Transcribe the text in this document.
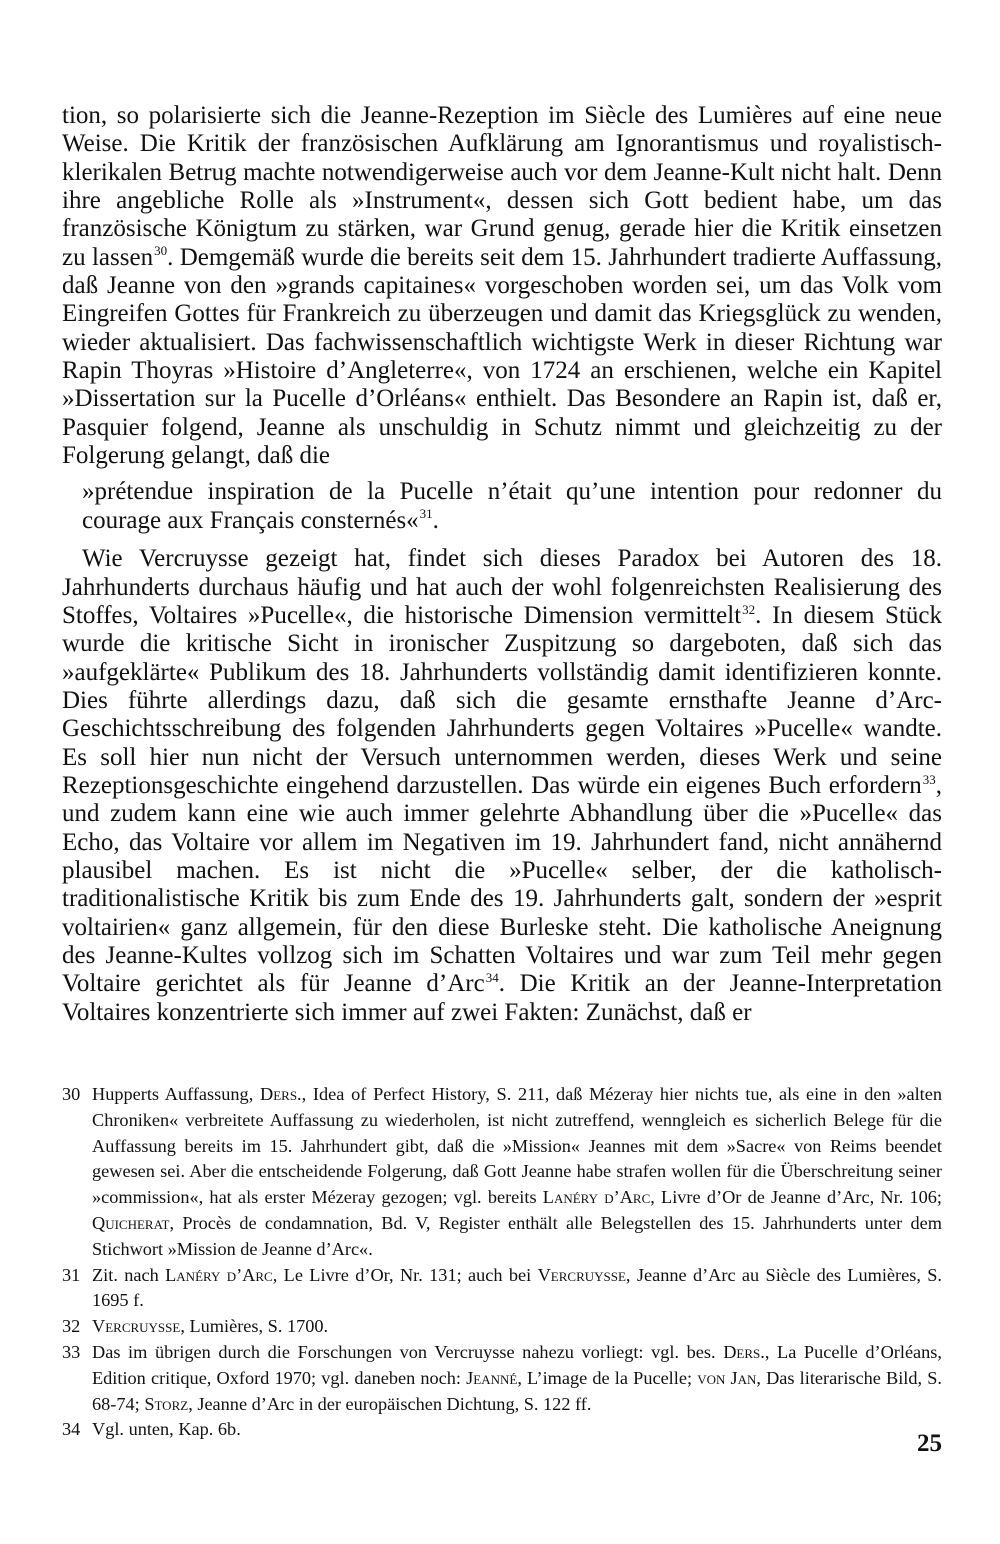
tion, so polarisierte sich die Jeanne-Rezeption im Siècle des Lumières auf eine neue Weise. Die Kritik der französischen Aufklärung am Ignorantismus und royalistisch-klerikalen Betrug machte notwendigerweise auch vor dem Jeanne-Kult nicht halt. Denn ihre angebliche Rolle als »Instrument«, dessen sich Gott bedient habe, um das französische Königtum zu stärken, war Grund genug, gerade hier die Kritik einsetzen zu lassen$^{30}$. Demgemäß wurde die bereits seit dem 15. Jahrhundert tradierte Auffassung, daß Jeanne von den »grands capitaines« vorgeschoben worden sei, um das Volk vom Eingreifen Gottes für Frankreich zu überzeugen und damit das Kriegsglück zu wenden, wieder aktualisiert. Das fachwissenschaftlich wichtigste Werk in dieser Richtung war Rapin Thoyras »Histoire d’Angleterre«, von 1724 an erschienen, welche ein Kapitel »Dissertation sur la Pucelle d’Orléans« enthielt. Das Besondere an Rapin ist, daß er, Pasquier folgend, Jeanne als unschuldig in Schutz nimmt und gleichzeitig zu der Folgerung gelangt, daß die

»prétendue inspiration de la Pucelle n’était qu’une intention pour redonner du courage aux Français consternés«$^{31}$.

Wie Vercruysse gezeigt hat, findet sich dieses Paradox bei Autoren des 18. Jahrhunderts durchaus häufig und hat auch der wohl folgenreichsten Realisierung des Stoffes, Voltaires »Pucelle«, die historische Dimension vermittelt$^{32}$. In diesem Stück wurde die kritische Sicht in ironischer Zuspitzung so dargeboten, daß sich das »aufgeklärte« Publikum des 18. Jahrhunderts vollständig damit identifizieren konnte. Dies führte allerdings dazu, daß sich die gesamte ernsthafte Jeanne d’Arc-Geschichtsschreibung des folgenden Jahrhunderts gegen Voltaires »Pucelle« wandte. Es soll hier nun nicht der Versuch unternommen werden, dieses Werk und seine Rezeptionsgeschichte eingehend darzustellen. Das würde ein eigenes Buch erfordern$^{33}$, und zudem kann eine wie auch immer gelehrte Abhandlung über die »Pucelle« das Echo, das Voltaire vor allem im Negativen im 19. Jahrhundert fand, nicht annähernd plausibel machen. Es ist nicht die »Pucelle« selber, der die katholisch-traditionalistische Kritik bis zum Ende des 19. Jahrhunderts galt, sondern der »esprit voltairien« ganz allgemein, für den diese Burleske steht. Die katholische Aneignung des Jeanne-Kultes vollzog sich im Schatten Voltaires und war zum Teil mehr gegen Voltaire gerichtet als für Jeanne d’Arc$^{34}$. Die Kritik an der Jeanne-Interpretation Voltaires konzentrierte sich immer auf zwei Fakten: Zunächst, daß er

30 Hupperts Auffassung, Ders., Idea of Perfect History, S. 211, daß Mézeray hier nichts tue, als eine in den »alten Chroniken« verbreitete Auffassung zu wiederholen, ist nicht zutreffend, wenngleich es sicherlich Belege für die Auffassung bereits im 15. Jahrhundert gibt, daß die »Mission« Jeannes mit dem »Sacre« von Reims beendet gewesen sei. Aber die entscheidende Folgerung, daß Gott Jeanne habe strafen wollen für die Überschreitung seiner »commission«, hat als erster Mézeray gezogen; vgl. bereits Lanéry d’Arc, Livre d’Or de Jeanne d’Arc, Nr. 106; Quicherat, Procès de condamnation, Bd. V, Register enthält alle Belegstellen des 15. Jahrhunderts unter dem Stichwort »Mission de Jeanne d’Arc«.
31 Zit. nach Lanéry d’Arc, Le Livre d’Or, Nr. 131; auch bei Vercruysse, Jeanne d’Arc au Siècle des Lumières, S. 1695 f.
32 Vercruysse, Lumières, S. 1700.
33 Das im übrigen durch die Forschungen von Vercruysse nahezu vorliegt: vgl. bes. Ders., La Pucelle d’Orléans, Edition critique, Oxford 1970; vgl. daneben noch: Jeanné, L’image de la Pucelle; von Jan, Das literarische Bild, S. 68-74; Storz, Jeanne d’Arc in der europäischen Dichtung, S. 122 ff.
34 Vgl. unten, Kap. 6b.
25
